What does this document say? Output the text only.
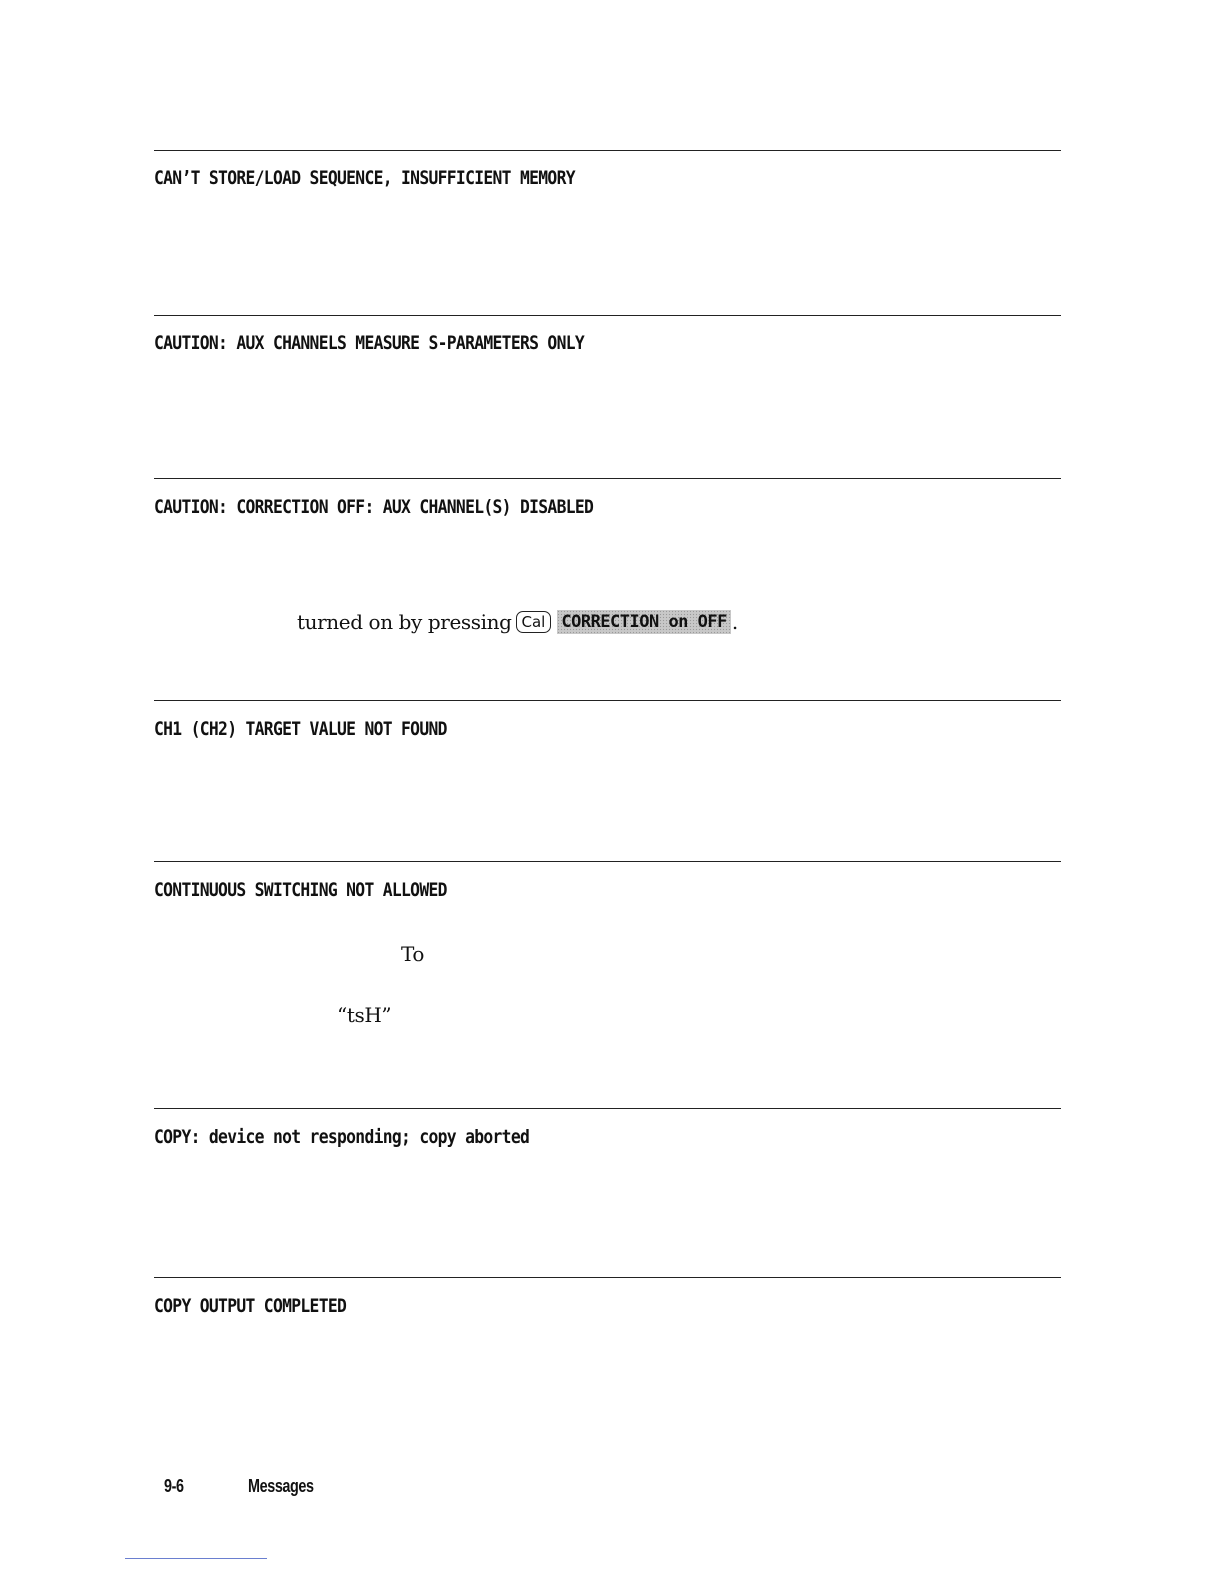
CAN’T STORE/LOAD SEQUENCE, INSUFFICIENT MEMORY
CAUTION: AUX CHANNELS MEASURE S-PARAMETERS ONLY
CAUTION: CORRECTION OFF: AUX CHANNEL(S) DISABLED
turned on by pressing Cal CORRECTION on OFF .
CH1 (CH2) TARGET VALUE NOT FOUND
CONTINUOUS SWITCHING NOT ALLOWED
To
“tsH”
COPY: device not responding; copy aborted
COPY OUTPUT COMPLETED
9-6	Messages
